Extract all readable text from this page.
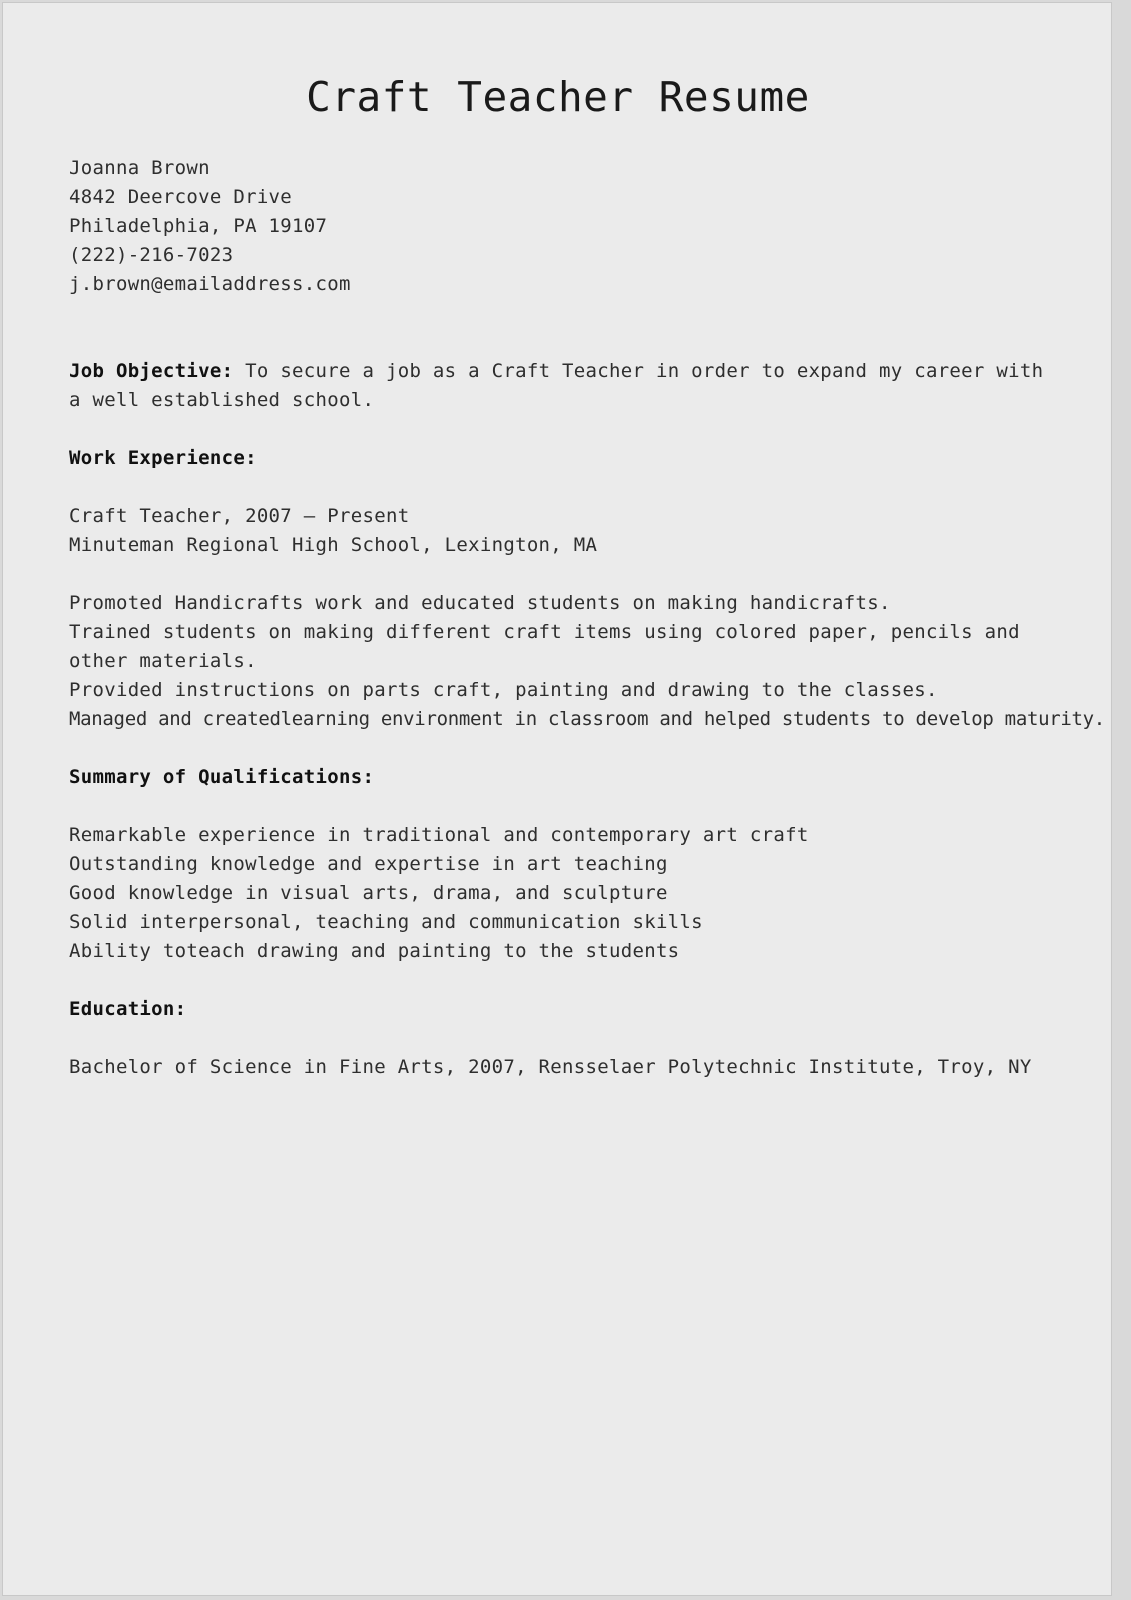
Craft Teacher Resume
Joanna Brown
4842 Deercove Drive
Philadelphia, PA 19107
(222)-216-7023
j.brown@emailaddress.com

Job Objective: To secure a job as a Craft Teacher in order to expand my career with a well established school.

Work Experience:
Craft Teacher, 2007 – Present
Minuteman Regional High School, Lexington, MA
Promoted Handicrafts work and educated students on making handicrafts.
Trained students on making different craft items using colored paper, pencils and other materials.
Provided instructions on parts craft, painting and drawing to the classes.
Managed and createdlearning environment in classroom and helped students to develop maturity.
Summary of Qualifications:
Remarkable experience in traditional and contemporary art craft
Outstanding knowledge and expertise in art teaching
Good knowledge in visual arts, drama, and sculpture
Solid interpersonal, teaching and communication skills
Ability toteach drawing and painting to the students
Education:
Bachelor of Science in Fine Arts, 2007, Rensselaer Polytechnic Institute, Troy, NY
